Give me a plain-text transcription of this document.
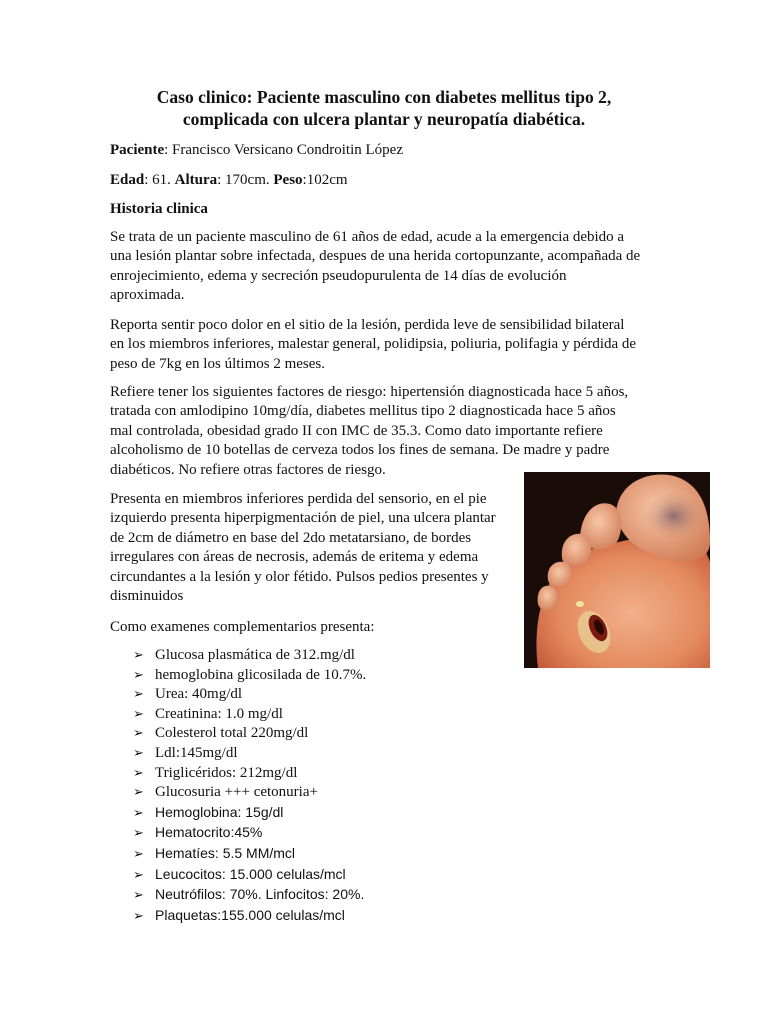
Caso clinico: Paciente masculino con diabetes mellitus tipo 2,
complicada con ulcera plantar y neuropatía diabética.
Paciente: Francisco Versicano Condroitin López
Edad: 61. Altura: 170cm. Peso:102cm
Historia clinica
Se trata de un paciente masculino de 61 años de edad, acude a la emergencia debido a
una lesión plantar sobre infectada, despues de una herida cortopunzante, acompañada de
enrojecimiento, edema y secreción pseudopurulenta de 14 días de evolución
aproximada.
Reporta sentir poco dolor en el sitio de la lesión, perdida leve de sensibilidad bilateral
en los miembros inferiores, malestar general, polidipsia, poliuria, polifagia y pérdida de
peso de 7kg en los últimos 2 meses.
Refiere tener los siguientes factores de riesgo: hipertensión diagnosticada hace 5 años,
tratada con amlodipino 10mg/día, diabetes mellitus tipo 2 diagnosticada hace 5 años
mal controlada, obesidad grado II con IMC de 35.3. Como dato importante refiere
alcoholismo de 10 botellas de cerveza todos los fines de semana. De madre y padre
diabéticos. No refiere otras factores de riesgo.
Presenta en miembros inferiores perdida del sensorio, en el pie
izquierdo presenta hiperpigmentación de piel, una ulcera plantar
de 2cm de diámetro en base del 2do metatarsiano, de bordes
irregulares con áreas de necrosis, además de eritema y edema
circundantes a la lesión y olor fétido. Pulsos pedios presentes y
disminuidos
Como examenes complementarios presenta:
➢ Glucosa plasmática de 312.mg/dl
➢ hemoglobina glicosilada de 10.7%.
➢ Urea: 40mg/dl
➢ Creatinina: 1.0 mg/dl
➢ Colesterol total 220mg/dl
➢ Ldl:145mg/dl
➢ Triglicéridos: 212mg/dl
➢ Glucosuria +++ cetonuria+
➢ Hemoglobina: 15g/dl
➢ Hematocrito:45%
➢ Hematíes: 5.5 MM/mcl
➢ Leucocitos: 15.000 celulas/mcl
➢ Neutrófilos: 70%. Linfocitos: 20%.
➢ Plaquetas:155.000 celulas/mcl
